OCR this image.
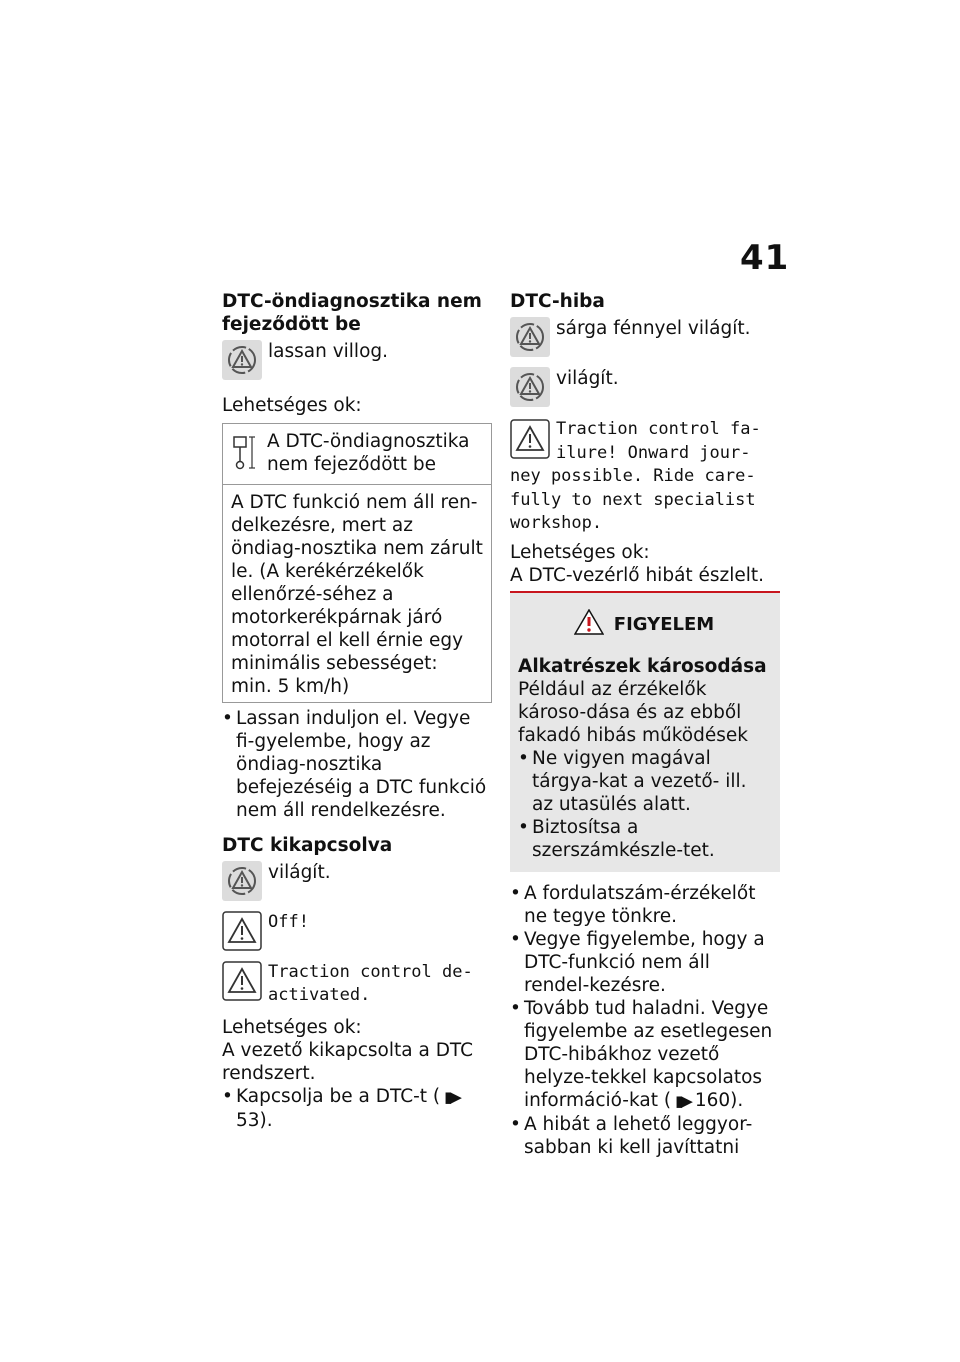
41
DTC-öndiagnosztika nem fejeződött be
lassan villog.
Lehetséges ok:
A DTC-öndiagnosztika nem fejeződött be
A DTC funkció nem áll ren-delkezésre, mert az öndiag-nosztika nem zárult le. (A kerékérzékelők ellenőrzé-séhez a motorkerékpárnak járó motorral el kell érnie egy minimális sebességet: min. 5 km/h)
• Lassan induljon el. Vegye fi-gyelembe, hogy az öndiag-nosztika befejezéséig a DTC funkció nem áll rendelkezésre.
DTC kikapcsolva
világít.
Off!
Traction control de-activated.
Lehetséges ok:
A vezető kikapcsolta a DTC rendszert.
• Kapcsolja be a DTC-t ( ▮▶53).
DTC-hiba
sárga fénnyel világít.
világít.
Traction control fa-ilure! Onward jour-ney possible. Ride care-fully to next specialist workshop.
Lehetséges ok:
A DTC-vezérlő hibát észlelt.
FIGYELEM
Alkatrészek károsodása
Például az érzékelők károso-dása és az ebből fakadó hibás működések
• Ne vigyen magával tárgya-kat a vezető- ill. az utasülés alatt.
• Biztosítsa a szerszámkészle-tet.
• A fordulatszám-érzékelőt ne tegye tönkre.
• Vegye figyelembe, hogy a DTC-funkció nem áll rendel-kezésre.
• Tovább tud haladni. Vegye figyelembe az esetlegesen DTC-hibákhoz vezető helyze-tekkel kapcsolatos információ-kat ( ▮▶ 160).
• A hibát a lehető leggyor-sabban ki kell javíttatni
